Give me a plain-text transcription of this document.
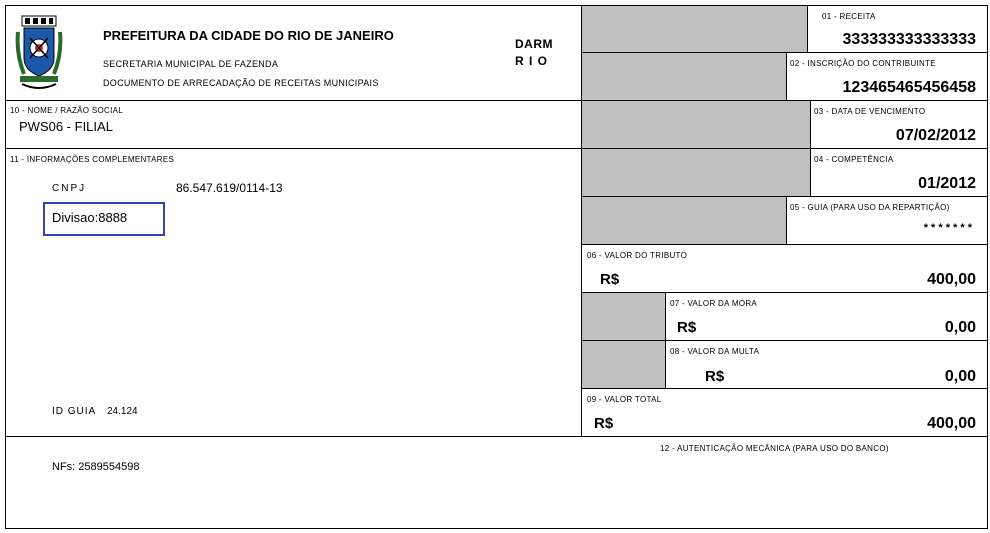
PREFEITURA DA CIDADE DO RIO DE JANEIRO
SECRETARIA MUNICIPAL DE FAZENDA
DOCUMENTO DE ARRECADAÇÃO DE RECEITAS MUNICIPAIS
DARM
R I O
01 - RECEITA
333333333333333
02 - INSCRIÇÃO DO CONTRIBUINTE
123465465456458
10 - NOME / RAZÃO SOCIAL
PWS06 - FILIAL
03 - DATA DE VENCIMENTO
07/02/2012
11 - INFORMAÇÕES COMPLEMENTARES
CNPJ	86.547.619/0114-13
Divisao:8888
ID GUIA 24.124
04 - COMPETÊNCIA
01/2012
05 - GUIA (PARA USO DA REPARTIÇÃO)
* * * * * * *
06 - VALOR DO TRIBUTO
R$	400,00
07 - VALOR DA MORA
R$	0,00
08 - VALOR DA MULTA
R$	0,00
09 - VALOR TOTAL
R$	400,00
12 - AUTENTICAÇÃO MECÂNICA (PARA USO DO BANCO)
NFs: 2589554598
